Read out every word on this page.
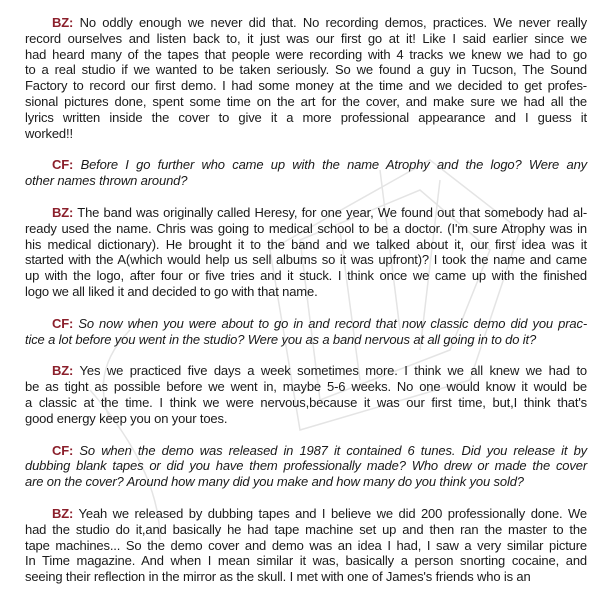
BZ: No oddly enough we never did that. No recording demos, practices. We never really
record ourselves and listen back to, it just was our first go at it! Like I said earlier since we
had heard many of the tapes that people were recording with 4 tracks we knew we had to go
to a real studio if we wanted to be taken seriously. So we found a guy in Tucson, The Sound
Factory to record our first demo. I had some money at the time and we decided to get profes-
sional pictures done, spent some time on the art for the cover, and make sure we had all the
lyrics written inside the cover to give it a more professional appearance and I guess it
worked!!
CF: Before I go further who came up with the name Atrophy and the logo? Were any
other names thrown around?
BZ: The band was originally called Heresy, for one year, We found out that somebody had al-
ready used the name. Chris was going to medical school to be a doctor. (I'm sure Atrophy was in
his medical dictionary). He brought it to the band and we talked about it, our first idea was it
started with the A(which would help us sell albums so it was upfront)? I took the name and came
up with the logo, after four or five tries and it stuck. I think once we came up with the finished
logo we all liked it and decided to go with that name.
CF: So now when you were about to go in and record that now classic demo did you prac-
tice a lot before you went in the studio? Were you as a band nervous at all going in to do it?
BZ: Yes we practiced five days a week sometimes more. I think we all knew we had to
be as tight as possible before we went in, maybe 5-6 weeks. No one would know it would be
a classic at the time. I think we were nervous,because it was our first time, but,I think that's
good energy keep you on your toes.
CF: So when the demo was released in 1987 it contained 6 tunes. Did you release it by
dubbing blank tapes or did you have them professionally made? Who drew or made the cover
are on the cover? Around how many did you make and how many do you think you sold?
BZ: Yeah we released by dubbing tapes and I believe we did 200 professionally done. We
had the studio do it,and basically he had tape machine set up and then ran the master to the
tape machines... So the demo cover and demo was an idea I had, I saw a very similar picture
In Time magazine. And when I mean similar it was, basically a person snorting cocaine, and
seeing their reflection in the mirror as the skull. I met with one of James's friends who is an
